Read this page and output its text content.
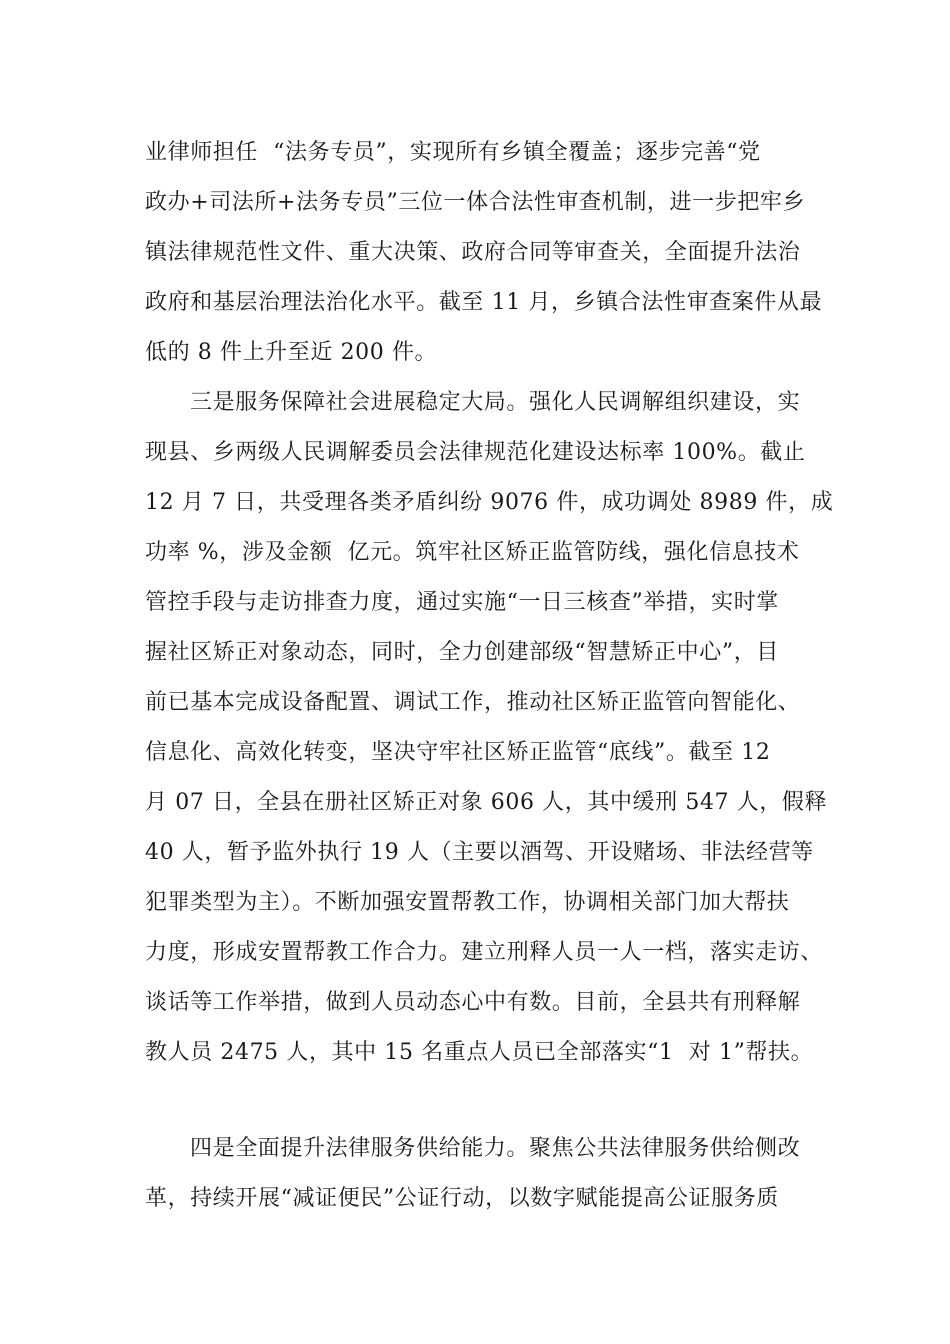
业律师担任  “法务专员”，实现所有乡镇全覆盖；逐步完善“党
政办+司法所+法务专员”三位一体合法性审查机制，进一步把牢乡
镇法律规范性文件、重大决策、政府合同等审查关，全面提升法治
政府和基层治理法治化水平。截至 11 月，乡镇合法性审查案件从最
低的 8 件上升至近 200 件。
三是服务保障社会进展稳定大局。强化人民调解组织建设，实
现县、乡两级人民调解委员会法律规范化建设达标率 100%。截止
12 月 7 日，共受理各类矛盾纠纷 9076 件，成功调处 8989 件，成
功率 %，涉及金额  亿元。筑牢社区矫正监管防线，强化信息技术
管控手段与走访排查力度，通过实施“一日三核查”举措，实时掌
握社区矫正对象动态，同时，全力创建部级“智慧矫正中心”，目
前已基本完成设备配置、调试工作，推动社区矫正监管向智能化、
信息化、高效化转变，坚决守牢社区矫正监管“底线”。截至 12
月 07 日，全县在册社区矫正对象 606 人，其中缓刑 547 人，假释
40 人，暂予监外执行 19 人（主要以酒驾、开设赌场、非法经营等
犯罪类型为主）。不断加强安置帮教工作，协调相关部门加大帮扶
力度，形成安置帮教工作合力。建立刑释人员一人一档，落实走访、
谈话等工作举措，做到人员动态心中有数。目前，全县共有刑释解
教人员 2475 人，其中 15 名重点人员已全部落实“1  对 1”帮扶。
四是全面提升法律服务供给能力。聚焦公共法律服务供给侧改
革，持续开展“减证便民”公证行动，以数字赋能提高公证服务质
